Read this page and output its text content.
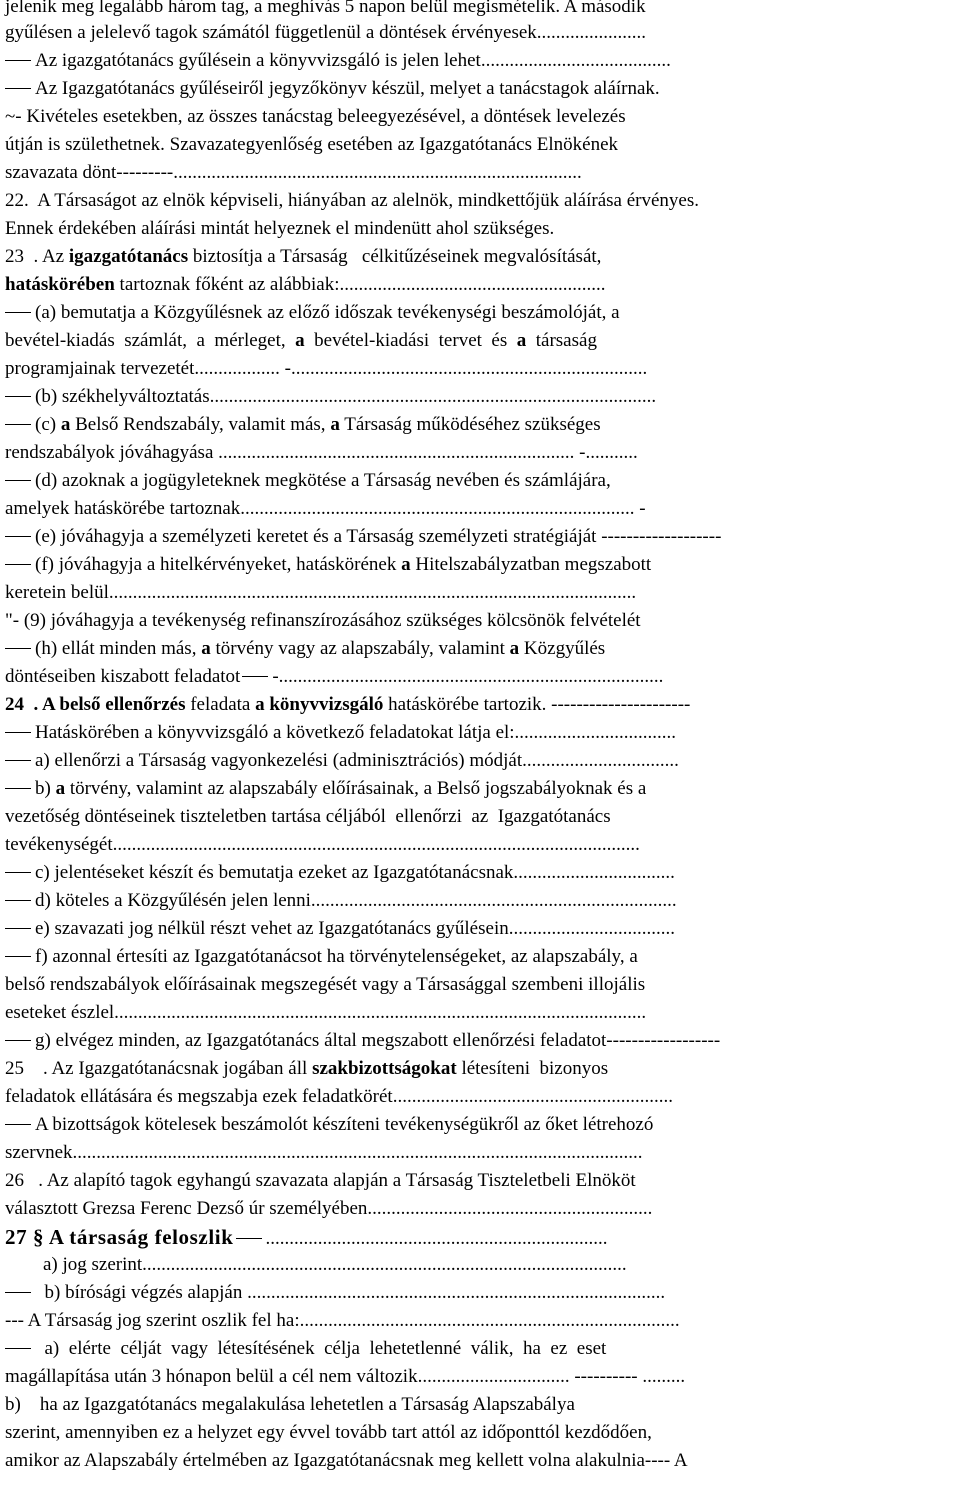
jelenik meg legalább három tag, a meghívás 5 napon belül megismételik. A második
gyűlésen a jelelevő tagok számától függetlenül a döntések érvényesek.......................
Az igazgatótanács gyűlésein a könyvvizsgáló is jelen lehet........................................
Az Igazgatótanács gyűléseiről jegyzőkönyv készül, melyet a tanácstagok aláírnak.
~- Kivételes esetekben, az összes tanácstag beleegyezésével, a döntések levelezés
útján is születhetnek. Szavazategyenlőség esetében az Igazgatótanács Elnökének
szavazata dönt---------......................................................................................
22.  A Társaságot az elnök képviseli, hiányában az alelnök, mindkettőjük aláírása érvényes.
Ennek érdekében aláírási mintát helyeznek el mindenütt ahol szükséges.
23  . Az igazgatótanács biztosítja a Társaság   célkitűzéseinek megvalósítását,
hatáskörében tartoznak főként az alábbiak:........................................................
(a) bemutatja a Közgyűlésnek az előző időszak tevékenységi beszámolóját, a
bevétel-kiadás  számlát,  a  mérleget,  a  bevétel-kiadási  tervet  és  a  társaság
programjainak tervezetét.................. -...........................................................................
(b) székhelyváltoztatás..............................................................................................
(c) a Belső Rendszabály, valamit más, a Társaság működéséhez szükséges
rendszabályok jóváhagyása ........................................................................... -...........
(d) azoknak a jogügyleteknek megkötése a Társaság nevében és számlájára,
amelyek hatáskörébe tartoznak................................................................................... -
(e) jóváhagyja a személyzeti keretet és a Társaság személyzeti stratégiáját -------------------
(f) jóváhagyja a hitelkérvényeket, hatáskörének a Hitelszabályzatban megszabott
keretein belül...............................................................................................................
"- (9) jóváhagyja a tevékenység refinanszírozásához szükséges kölcsönök felvételét
(h) ellát minden más, a törvény vagy az alapszabály, valamint a Közgyűlés
döntéseiben kiszabott feladatot -.................................................................................
24 . A belső ellenőrzés feladata a könyvvizsgáló hatáskörébe tartozik. ----------------------
Hatáskörében a könyvvizsgáló a következő feladatokat látja el:..................................
a) ellenőrzi a Társaság vagyonkezelési (adminisztrációs) módját.................................
b) a törvény, valamint az alapszabály előírásainak, a Belső jogszabályoknak és a
vezetőség döntéseinek tiszteletben tartása céljából  ellenőrzi  az  Igazgatótanács
tevékenységét...............................................................................................................
c) jelentéseket készít és bemutatja ezeket az Igazgatótanácsnak..................................
d) köteles a Közgyűlésén jelen lenni.............................................................................
e) szavazati jog nélkül részt vehet az Igazgatótanács gyűlésein...................................
f) azonnal értesíti az Igazgatótanácsot ha törvénytelenségeket, az alapszabály, a
belső rendszabályok előírásainak megszegését vagy a Társasággal szembeni illojális
eseteket észlel................................................................................................................
g) elvégez minden, az Igazgatótanács által megszabott ellenőrzési feladatot------------------
25    . Az Igazgatótanácsnak jogában áll szakbizottságokat létesíteni  bizonyos
feladatok ellátására és megszabja ezek feladatkörét...........................................................
A bizottságok kötelesek beszámolót készíteni tevékenységükről az őket létrehozó
szervnek........................................................................................................................
26   . Az alapító tagok egyhangú szavazata alapján a Társaság Tiszteletbeli Elnököt
választott Grezsa Ferenc Dezső úr személyében............................................................
27 § A társaság feloszlik ........................................................................
a) jog szerint......................................................................................................
b) bírósági végzés alapján ........................................................................................
--- A Társaság jog szerint oszlik fel ha:................................................................................
a)  elérte  célját  vagy  létesítésének  célja  lehetetlenné  válik,  ha  ez  eset
magállapítása után 3 hónapon belül a cél nem változik................................ ---------- .........
b)    ha az Igazgatótanács megalakulása lehetetlen a Társaság Alapszabálya
szerint, amennyiben ez a helyzet egy évvel tovább tart attól az időponttól kezdődően,
amikor az Alapszabály értelmében az Igazgatótanácsnak meg kellett volna alakulnia---- A
